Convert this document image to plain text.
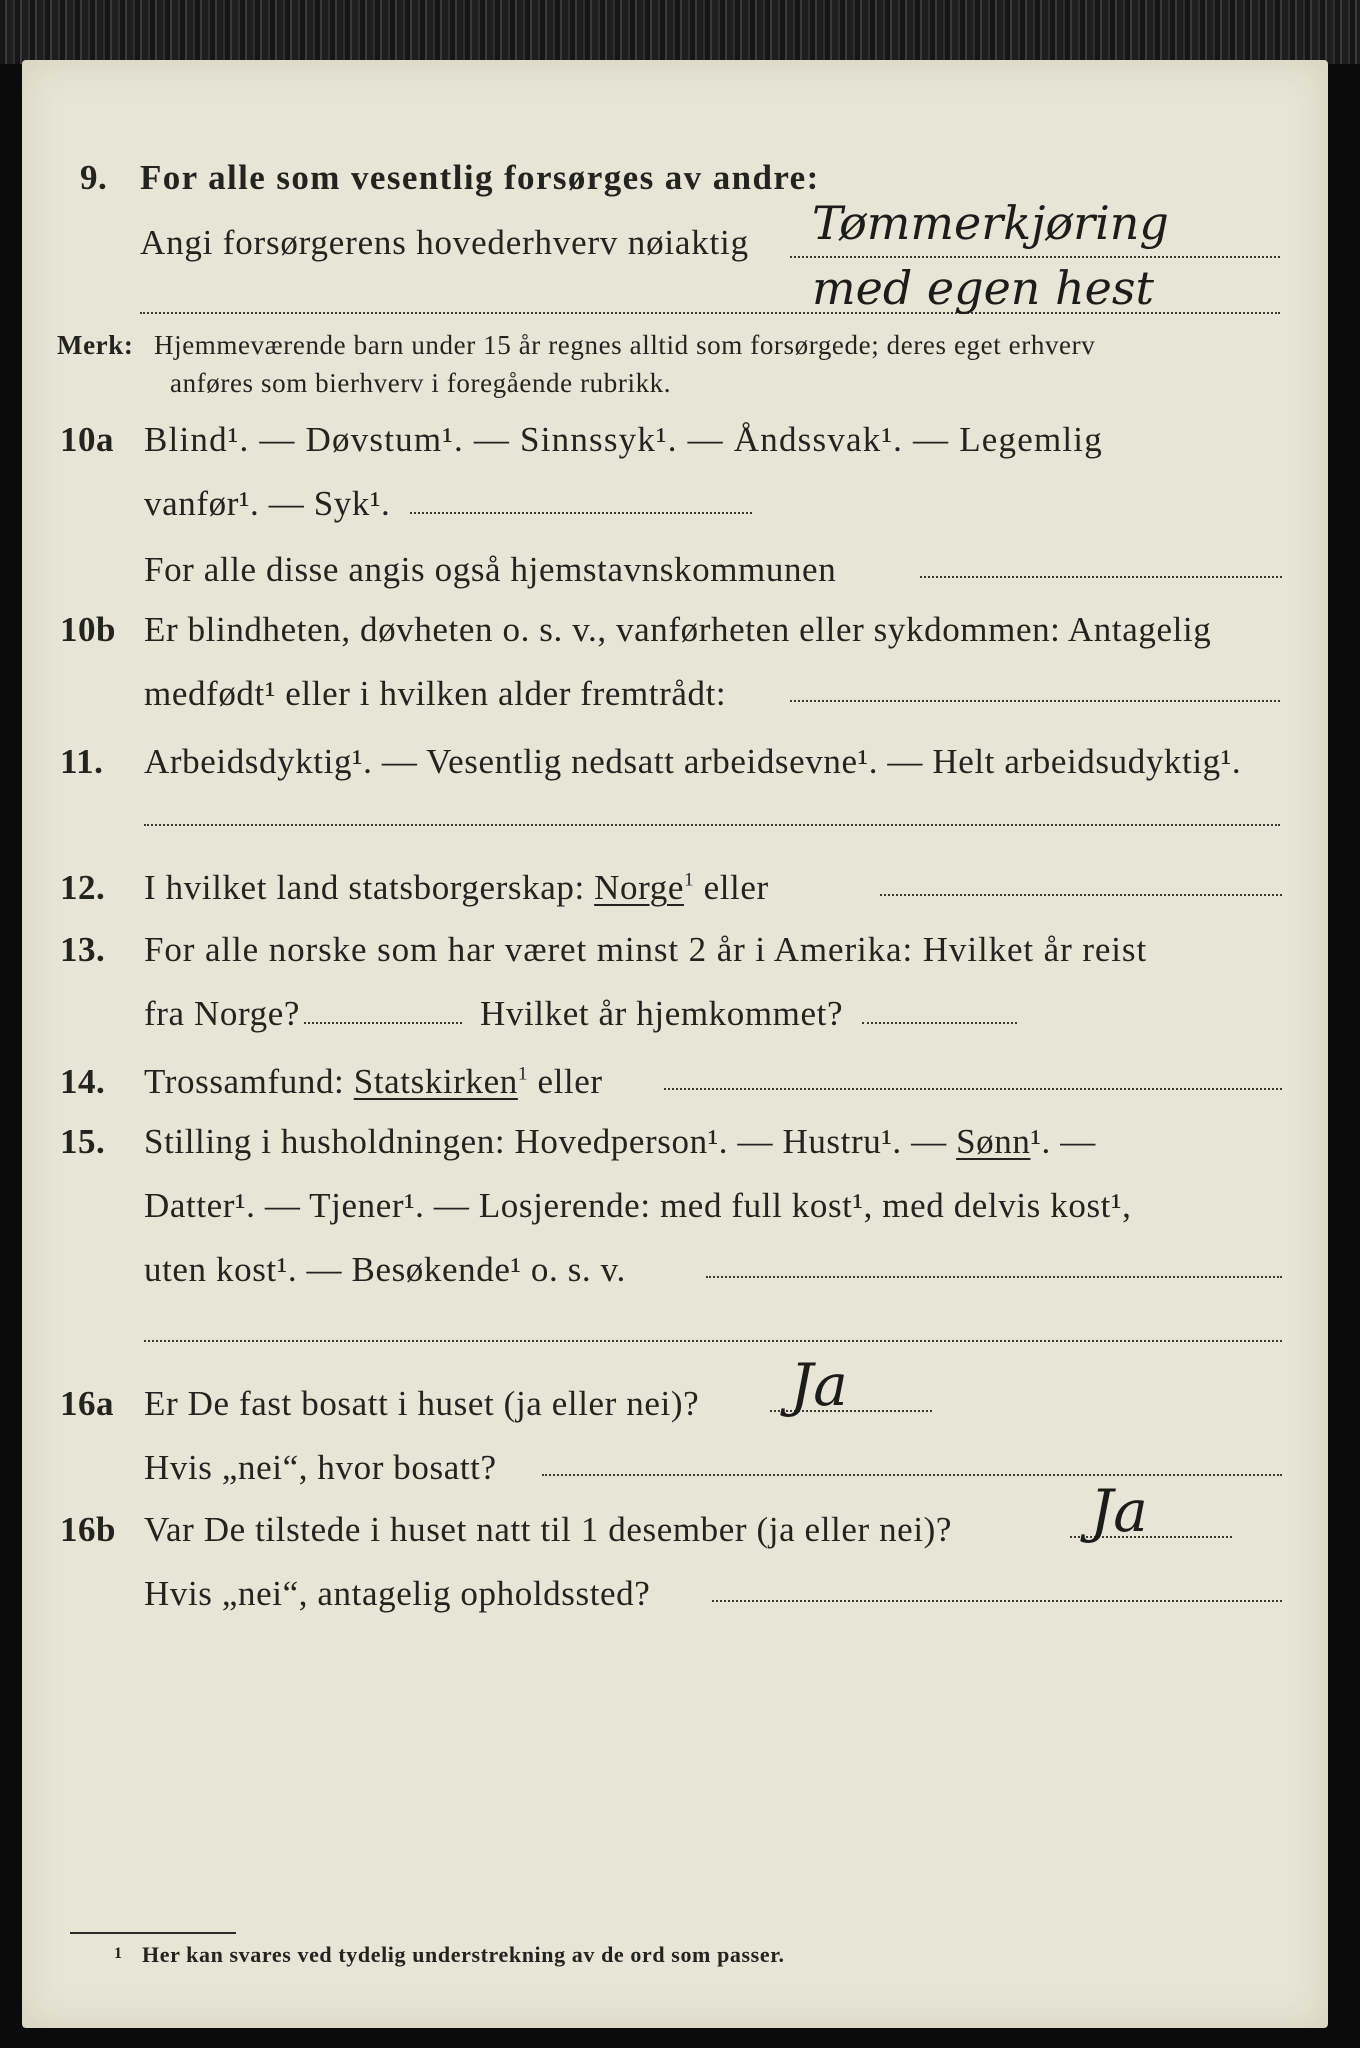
9. For alle som vesentlig forsørges av andre:
Angi forsørgerens hovederhverv nøiaktig Tømmerkjøring
med egen hest
Merk: Hjemmeværende barn under 15 år regnes alltid som forsørgede; deres eget erhverv
anføres som bierhverv i foregående rubrikk.
10a Blind¹. — Døvstum¹. — Sinnssyk¹. — Åndssvak¹. — Legemlig
vanfør¹. — Syk¹.
For alle disse angis også hjemstavnskommunen
10b Er blindheten, døvheten o. s. v., vanførheten eller sykdommen: Antagelig
medfødt¹ eller i hvilken alder fremtrådt:
11. Arbeidsdyktig¹. — Vesentlig nedsatt arbeidsevne¹. — Helt arbeidsudyktig¹.
12. I hvilket land statsborgerskap: Norge$^1$ eller
13. For alle norske som har været minst 2 år i Amerika: Hvilket år reist
fra Norge?	Hvilket år hjemkommet?
14. Trossamfund: Statskirken$^1$ eller
15. Stilling i husholdningen: Hovedperson¹. — Hustru¹. — Sønn¹. —
Datter¹. — Tjener¹. — Losjerende: med full kost¹, med delvis kost¹,
uten kost¹. — Besøkende¹ o. s. v.
16a Er De fast bosatt i huset (ja eller nei)? Ja
Hvis „nei“, hvor bosatt?
16b Var De tilstede i huset natt til 1 desember (ja eller nei)? Ja
Hvis „nei“, antagelig opholdssted?
1 Her kan svares ved tydelig understrekning av de ord som passer.
